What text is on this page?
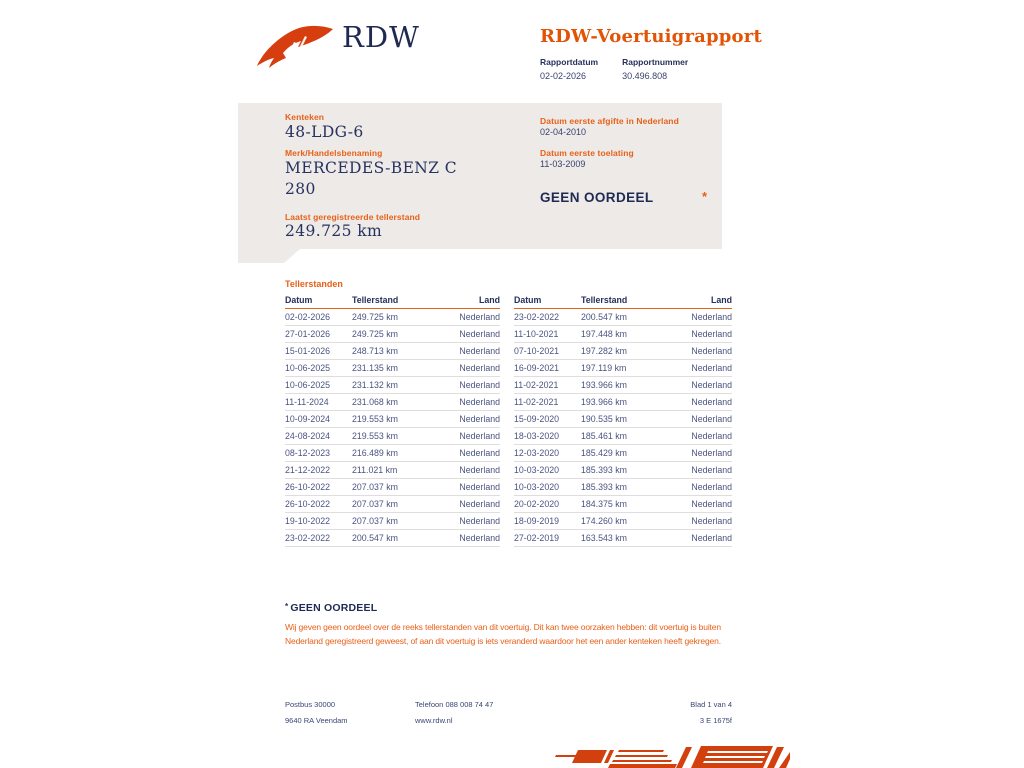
RDW	RDW-Voertuigrapport
Rapportdatum
02-02-2026
Rapportnummer
30.496.808
Kenteken
48-LDG-6
Merk/Handelsbenaming
MERCEDES-BENZ C 280
Laatst geregistreerde tellerstand
249.725 km
Datum eerste afgifte in Nederland
02-04-2010
Datum eerste toelating
11-03-2009
GEEN OORDEEL	*
Tellerstanden
Datum	Tellerstand	Land
02-02-2026	249.725 km	Nederland
27-01-2026	249.725 km	Nederland
15-01-2026	248.713 km	Nederland
10-06-2025	231.135 km	Nederland
10-06-2025	231.132 km	Nederland
11-11-2024	231.068 km	Nederland
10-09-2024	219.553 km	Nederland
24-08-2024	219.553 km	Nederland
08-12-2023	216.489 km	Nederland
21-12-2022	211.021 km	Nederland
26-10-2022	207.037 km	Nederland
26-10-2022	207.037 km	Nederland
19-10-2022	207.037 km	Nederland
23-02-2022	200.547 km	Nederland
Datum	Tellerstand	Land
23-02-2022	200.547 km	Nederland
11-10-2021	197.448 km	Nederland
07-10-2021	197.282 km	Nederland
16-09-2021	197.119 km	Nederland
11-02-2021	193.966 km	Nederland
11-02-2021	193.966 km	Nederland
15-09-2020	190.535 km	Nederland
18-03-2020	185.461 km	Nederland
12-03-2020	185.429 km	Nederland
10-03-2020	185.393 km	Nederland
10-03-2020	185.393 km	Nederland
20-02-2020	184.375 km	Nederland
18-09-2019	174.260 km	Nederland
27-02-2019	163.543 km	Nederland
* GEEN OORDEEL
Wij geven geen oordeel over de reeks tellerstanden van dit voertuig. Dit kan twee oorzaken hebben: dit voertuig is buiten Nederland geregistreerd geweest, of aan dit voertuig is iets veranderd waardoor het een ander kenteken heeft gekregen.
Postbus 30000
9640 RA Veendam
Telefoon 088 008 74 47
www.rdw.nl
Blad 1 van 4
3 E 1675f
